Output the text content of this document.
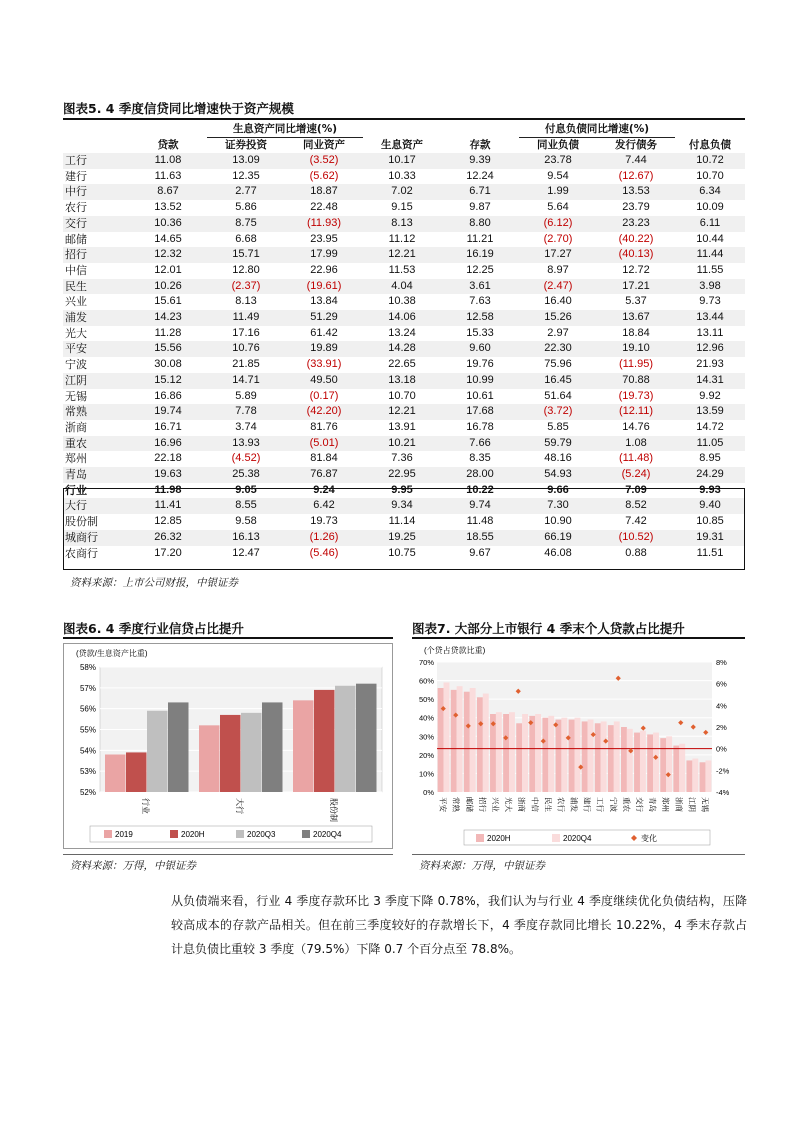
图表5. 4 季度信贷同比增速快于资产规模
		生息资产同比增速(%)				付息负债同比增速(%)		
	贷款	证券投资	同业资产	生息资产	存款	同业负债	发行债务	付息负债
工行	11.08	13.09	(3.52)	10.17	9.39	23.78	7.44	10.72
建行	11.63	12.35	(5.62)	10.33	12.24	9.54	(12.67)	10.70
中行	8.67	2.77	18.87	7.02	6.71	1.99	13.53	6.34
农行	13.52	5.86	22.48	9.15	9.87	5.64	23.79	10.09
交行	10.36	8.75	(11.93)	8.13	8.80	(6.12)	23.23	6.11
邮储	14.65	6.68	23.95	11.12	11.21	(2.70)	(40.22)	10.44
招行	12.32	15.71	17.99	12.21	16.19	17.27	(40.13)	11.44
中信	12.01	12.80	22.96	11.53	12.25	8.97	12.72	11.55
民生	10.26	(2.37)	(19.61)	4.04	3.61	(2.47)	17.21	3.98
兴业	15.61	8.13	13.84	10.38	7.63	16.40	5.37	9.73
浦发	14.23	11.49	51.29	14.06	12.58	15.26	13.67	13.44
光大	11.28	17.16	61.42	13.24	15.33	2.97	18.84	13.11
平安	15.56	10.76	19.89	14.28	9.60	22.30	19.10	12.96
宁波	30.08	21.85	(33.91)	22.65	19.76	75.96	(11.95)	21.93
江阴	15.12	14.71	49.50	13.18	10.99	16.45	70.88	14.31
无锡	16.86	5.89	(0.17)	10.70	10.61	51.64	(19.73)	9.92
常熟	19.74	7.78	(42.20)	12.21	17.68	(3.72)	(12.11)	13.59
浙商	16.71	3.74	81.76	13.91	16.78	5.85	14.76	14.72
重农	16.96	13.93	(5.01)	10.21	7.66	59.79	1.08	11.05
郑州	22.18	(4.52)	81.84	7.36	8.35	48.16	(11.48)	8.95
青岛	19.63	25.38	76.87	22.95	28.00	54.93	(5.24)	24.29
行业	11.98	9.05	9.24	9.95	10.22	9.66	7.09	9.93
大行	11.41	8.55	6.42	9.34	9.74	7.30	8.52	9.40
股份制	12.85	9.58	19.73	11.14	11.48	10.90	7.42	10.85
城商行	26.32	16.13	(1.26)	19.25	18.55	66.19	(10.52)	19.31
农商行	17.20	12.47	(5.46)	10.75	9.67	46.08	0.88	11.51
资料来源：上市公司财报，中银证券
图表6. 4 季度行业信贷占比提升
(贷款/生息资产比重)
52%
53%
54%
55%
56%
57%
58%
行业	大行	股份制
2019	2020H	2020Q3	2020Q4
资料来源：万得，中银证券
图表7. 大部分上市银行 4 季末个人贷款占比提升
(个贷占贷款比重)
0%
10%
20%
30%
40%
50%
60%
70%
-4%
-2%
0%
2%
4%
6%
8%
平安 常熟 邮储 招行 兴业 光大 浙商 中信 民生 农行 浦发 建行 工行 宁波 重农 交行 青岛 郑州 浙商 江阴 无锡
2020H	2020Q4	变化
资料来源：万得，中银证券
从负债端来看，行业 4 季度存款环比 3 季度下降 0.78%，我们认为与行业 4 季度继续优化负债结构，压降较高成本的存款产品相关。但在前三季度较好的存款增长下，4 季度存款同比增长 10.22%，4 季末存款占计息负债比重较 3 季度（79.5%）下降 0.7 个百分点至 78.8%。
